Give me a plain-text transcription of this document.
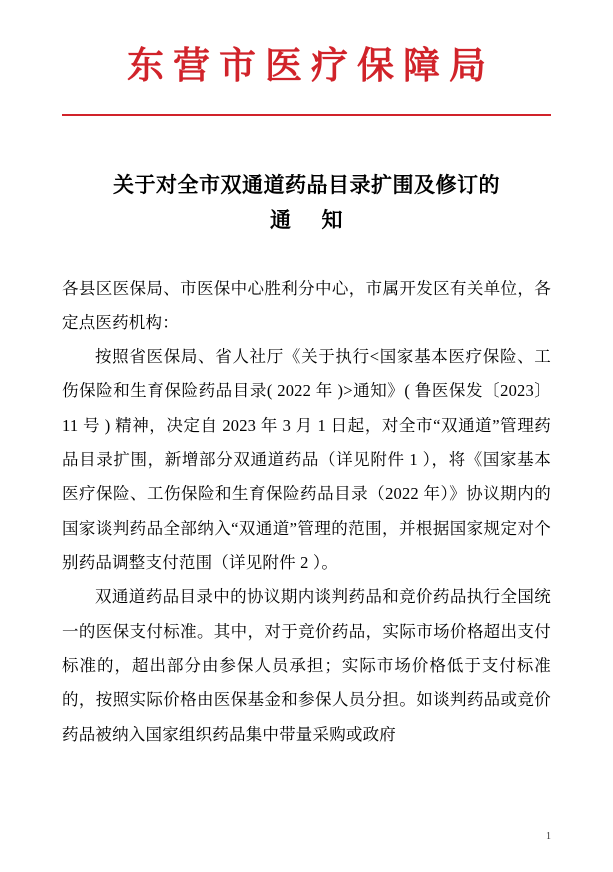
东营市医疗保障局
关于对全市双通道药品目录扩围及修订的
通 知

各县区医保局、市医保中心胜利分中心，市属开发区有关单位，各定点医药机构：

按照省医保局、省人社厅《关于执行<国家基本医疗保险、工伤保险和生育保险药品目录( 2022 年 )>通知》( 鲁医保发〔2023〕11 号 ) 精神，决定自 2023 年 3 月 1 日起，对全市“双通道”管理药品目录扩围，新增部分双通道药品（详见附件 1 ），将《国家基本医疗保险、工伤保险和生育保险药品目录（2022 年）》协议期内的国家谈判药品全部纳入“双通道”管理的范围，并根据国家规定对个别药品调整支付范围（详见附件 2 ）。

双通道药品目录中的协议期内谈判药品和竞价药品执行全国统一的医保支付标准。其中，对于竞价药品，实际市场价格超出支付标准的，超出部分由参保人员承担；实际市场价格低于支付标准的，按照实际价格由医保基金和参保人员分担。如谈判药品或竞价药品被纳入国家组织药品集中带量采购或政府

1
